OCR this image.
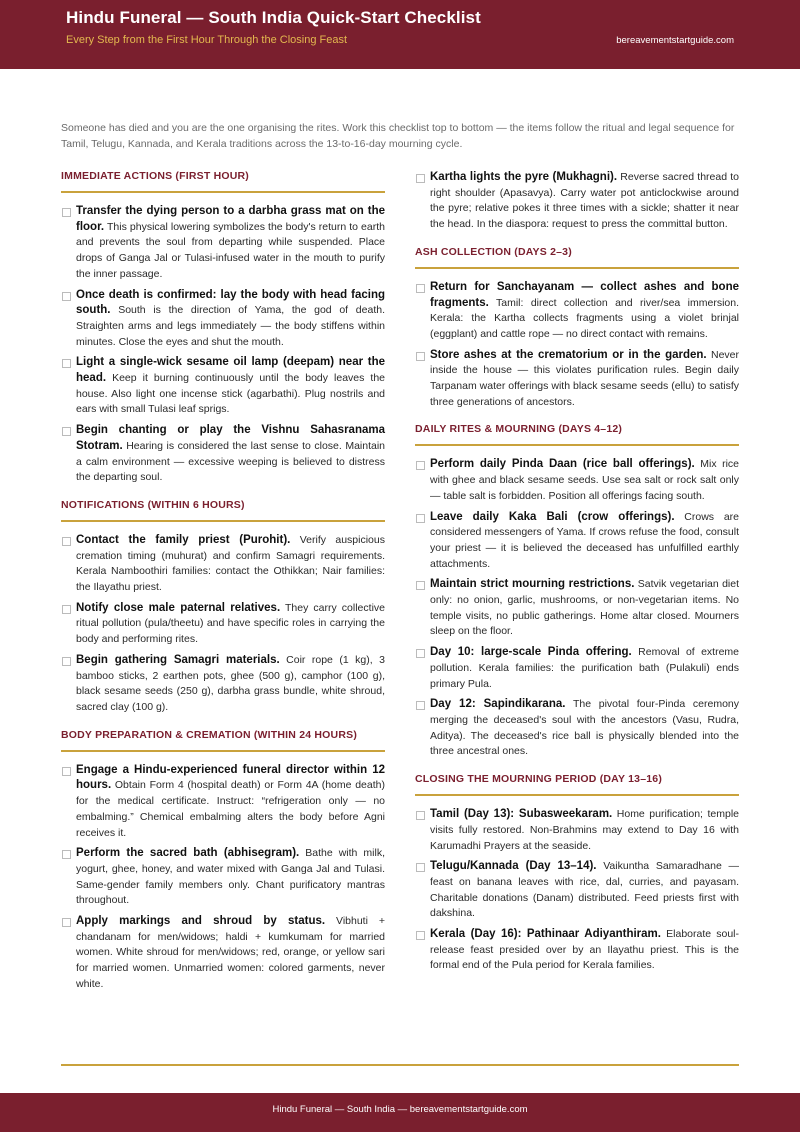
Hindu Funeral — South India Quick-Start Checklist
Every Step from the First Hour Through the Closing Feast	bereavementstartguide.com
Someone has died and you are the one organising the rites. Work this checklist top to bottom — the items follow the ritual and legal sequence for Tamil, Telugu, Kannada, and Kerala traditions across the 13-to-16-day mourning cycle.
IMMEDIATE ACTIONS (FIRST HOUR)
Transfer the dying person to a darbha grass mat on the floor. This physical lowering symbolizes the body's return to earth and prevents the soul from departing while suspended. Place drops of Ganga Jal or Tulasi-infused water in the mouth to purify the inner passage.
Once death is confirmed: lay the body with head facing south. South is the direction of Yama, the god of death. Straighten arms and legs immediately — the body stiffens within minutes. Close the eyes and shut the mouth.
Light a single-wick sesame oil lamp (deepam) near the head. Keep it burning continuously until the body leaves the house. Also light one incense stick (agarbathi). Plug nostrils and ears with small Tulasi leaf sprigs.
Begin chanting or play the Vishnu Sahasranama Stotram. Hearing is considered the last sense to close. Maintain a calm environment — excessive weeping is believed to distress the departing soul.
NOTIFICATIONS (WITHIN 6 HOURS)
Contact the family priest (Purohit). Verify auspicious cremation timing (muhurat) and confirm Samagri requirements. Kerala Namboothiri families: contact the Othikkan; Nair families: the Ilayathu priest.
Notify close male paternal relatives. They carry collective ritual pollution (pula/theetu) and have specific roles in carrying the body and performing rites.
Begin gathering Samagri materials. Coir rope (1 kg), 3 bamboo sticks, 2 earthen pots, ghee (500 g), camphor (100 g), black sesame seeds (250 g), darbha grass bundle, white shroud, sacred clay (100 g).
BODY PREPARATION & CREMATION (WITHIN 24 HOURS)
Engage a Hindu-experienced funeral director within 12 hours. Obtain Form 4 (hospital death) or Form 4A (home death) for the medical certificate. Instruct: “refrigeration only — no embalming.” Chemical embalming alters the body before Agni receives it.
Perform the sacred bath (abhisegram). Bathe with milk, yogurt, ghee, honey, and water mixed with Ganga Jal and Tulasi. Same-gender family members only. Chant purificatory mantras throughout.
Apply markings and shroud by status. Vibhuti + chandanam for men/widows; haldi + kumkumam for married women. White shroud for men/widows; red, orange, or yellow sari for married women. Unmarried women: colored garments, never white.
Kartha lights the pyre (Mukhagni). Reverse sacred thread to right shoulder (Apasavya). Carry water pot anticlockwise around the pyre; relative pokes it three times with a sickle; shatter it near the head. In the diaspora: request to press the committal button.
ASH COLLECTION (DAYS 2–3)
Return for Sanchayanam — collect ashes and bone fragments. Tamil: direct collection and river/sea immersion. Kerala: the Kartha collects fragments using a violet brinjal (eggplant) and cattle rope — no direct contact with remains.
Store ashes at the crematorium or in the garden. Never inside the house — this violates purification rules. Begin daily Tarpanam water offerings with black sesame seeds (ellu) to satisfy three generations of ancestors.
DAILY RITES & MOURNING (DAYS 4–12)
Perform daily Pinda Daan (rice ball offerings). Mix rice with ghee and black sesame seeds. Use sea salt or rock salt only — table salt is forbidden. Position all offerings facing south.
Leave daily Kaka Bali (crow offerings). Crows are considered messengers of Yama. If crows refuse the food, consult your priest — it is believed the deceased has unfulfilled earthly attachments.
Maintain strict mourning restrictions. Satvik vegetarian diet only: no onion, garlic, mushrooms, or non-vegetarian items. No temple visits, no public gatherings. Home altar closed. Mourners sleep on the floor.
Day 10: large-scale Pinda offering. Removal of extreme pollution. Kerala families: the purification bath (Pulakuli) ends primary Pula.
Day 12: Sapindikarana. The pivotal four-Pinda ceremony merging the deceased's soul with the ancestors (Vasu, Rudra, Aditya). The deceased's rice ball is physically blended into the three ancestral ones.
CLOSING THE MOURNING PERIOD (DAY 13–16)
Tamil (Day 13): Subasweekaram. Home purification; temple visits fully restored. Non-Brahmins may extend to Day 16 with Karumadhi Prayers at the seaside.
Telugu/Kannada (Day 13–14). Vaikuntha Samaradhane — feast on banana leaves with rice, dal, curries, and payasam. Charitable donations (Danam) distributed. Feed priests first with dakshina.
Kerala (Day 16): Pathinaar Adiyanthiram. Elaborate soul-release feast presided over by an Ilayathu priest. This is the formal end of the Pula period for Kerala families.
Hindu Funeral — South India — bereavementstartguide.com
